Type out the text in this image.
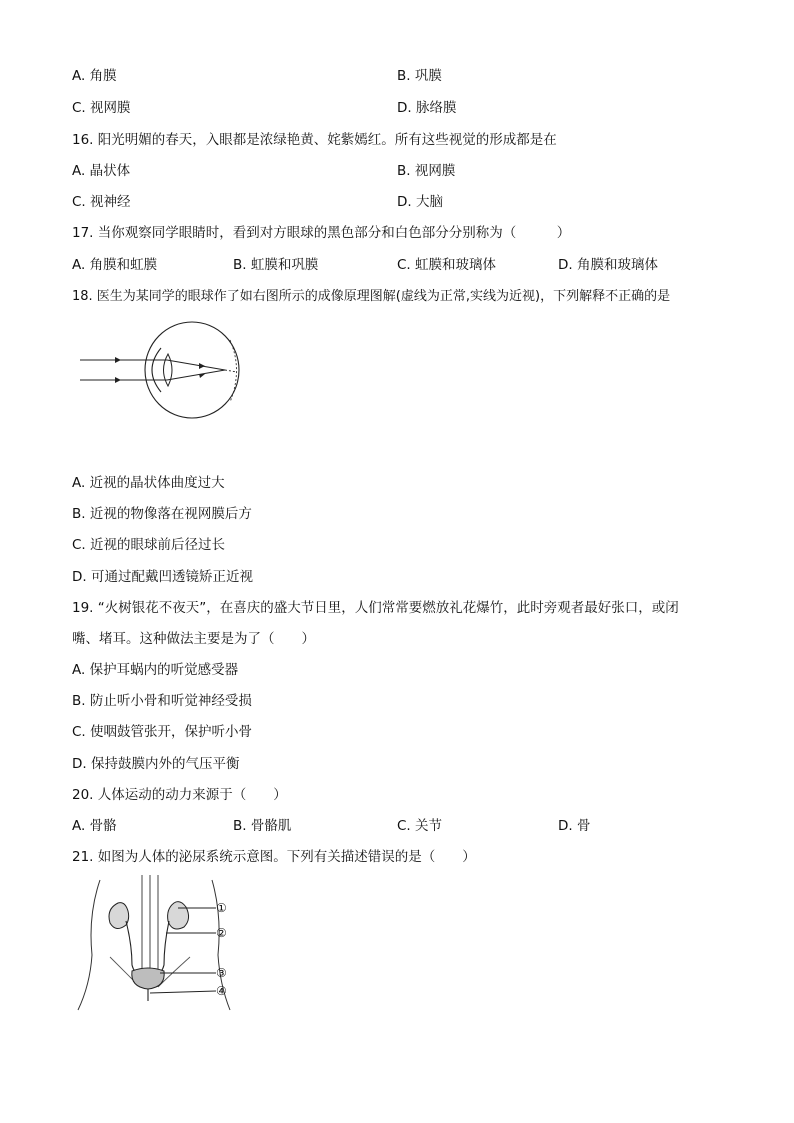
A. 角膜	B. 巩膜
C. 视网膜	D. 脉络膜
16. 阳光明媚的春天，入眼都是浓绿艳黄、姹紫嫣红。所有这些视觉的形成都是在
A. 晶状体	B. 视网膜
C. 视神经	D. 大脑
17. 当你观察同学眼睛时，看到对方眼球的黑色部分和白色部分分别称为（　　　）
A. 角膜和虹膜	B. 虹膜和巩膜	C. 虹膜和玻璃体	D. 角膜和玻璃体
18. 医生为某同学的眼球作了如右图所示的成像原理图解(虚线为正常,实线为近视)，下列解释不正确的是
A. 近视的晶状体曲度过大
B. 近视的物像落在视网膜后方
C. 近视的眼球前后径过长
D. 可通过配戴凹透镜矫正近视
19. “火树银花不夜天”，在喜庆的盛大节日里，人们常常要燃放礼花爆竹，此时旁观者最好张口，或闭
嘴、堵耳。这种做法主要是为了（　　）
A. 保护耳蜗内的听觉感受器
B. 防止听小骨和听觉神经受损
C. 使咽鼓管张开，保护听小骨
D. 保持鼓膜内外的气压平衡
20. 人体运动的动力来源于（　　）
A. 骨骼	B. 骨骼肌	C. 关节	D. 骨
21. 如图为人体的泌尿系统示意图。下列有关描述错误的是（　　）
①
②
③
④
